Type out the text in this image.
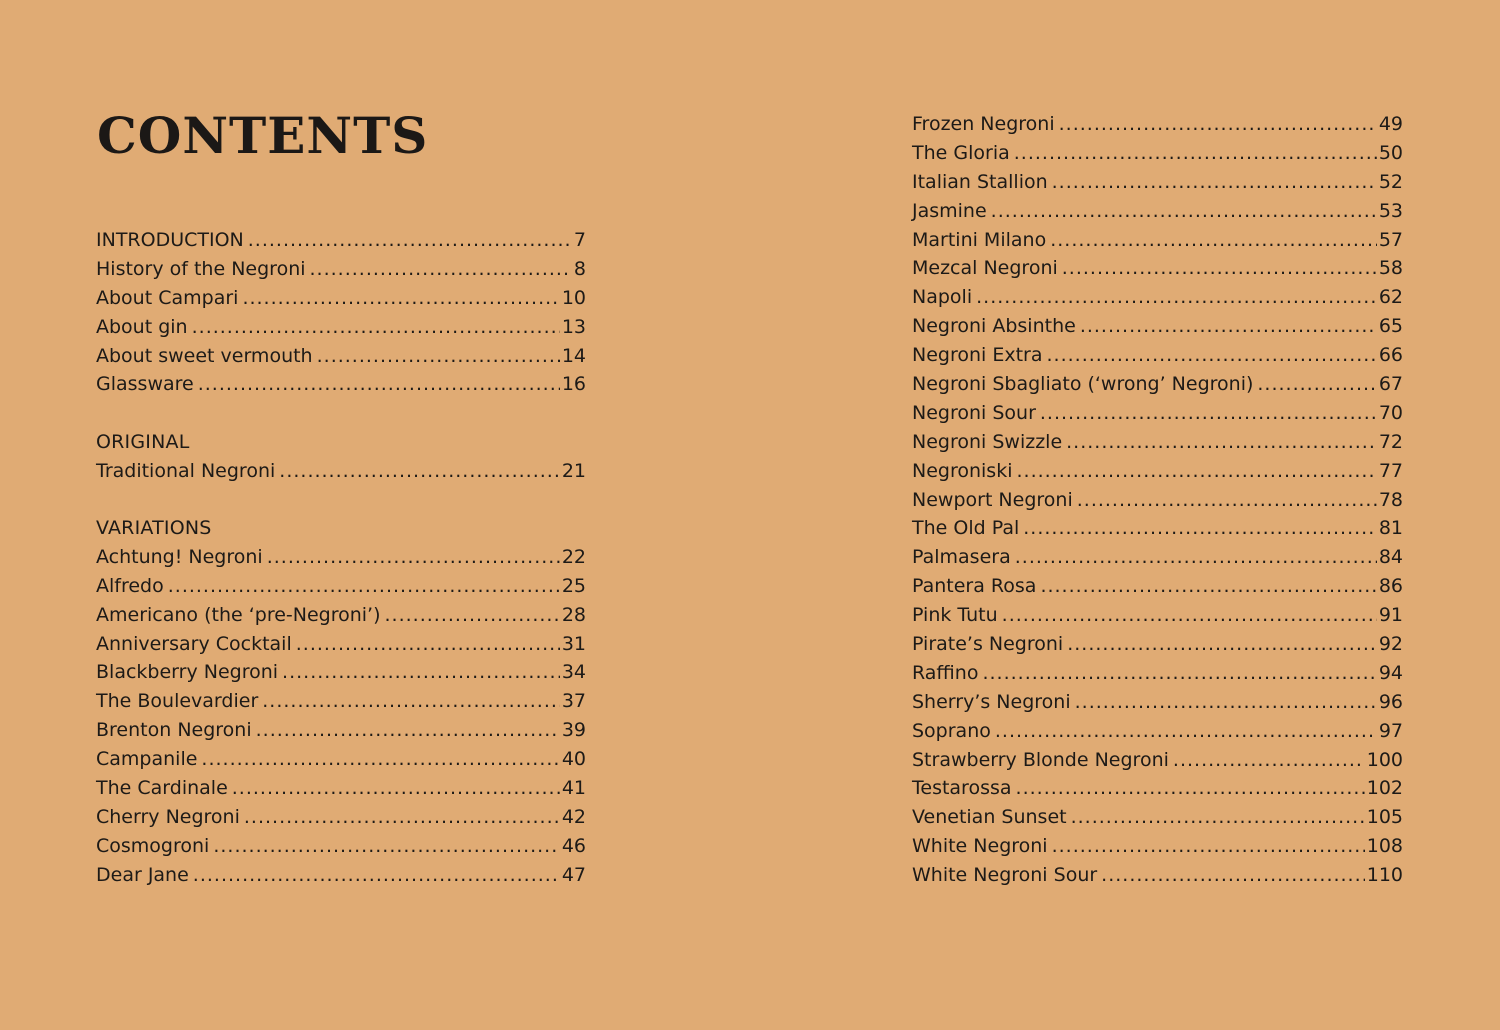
CONTENTS
INTRODUCTION .....	7
History of the Negroni .....	8
About Campari .....	10
About gin .....	13
About sweet vermouth .....	14
Glassware .....	16
ORIGINAL
Traditional Negroni .....	21
VARIATIONS
Achtung! Negroni .....	22
Alfredo .....	25
Americano (the ‘pre-Negroni’) .....	28
Anniversary Cocktail .....	31
Blackberry Negroni .....	34
The Boulevardier .....	37
Brenton Negroni .....	39
Campanile .....	40
The Cardinale .....	41
Cherry Negroni .....	42
Cosmogroni .....	46
Dear Jane .....	47
Frozen Negroni .....	49
The Gloria .....	50
Italian Stallion .....	52
Jasmine .....	53
Martini Milano .....	57
Mezcal Negroni .....	58
Napoli .....	62
Negroni Absinthe .....	65
Negroni Extra .....	66
Negroni Sbagliato (‘wrong’ Negroni) .....	67
Negroni Sour .....	70
Negroni Swizzle .....	72
Negroniski .....	77
Newport Negroni .....	78
The Old Pal .....	81
Palmasera .....	84
Pantera Rosa .....	86
Pink Tutu .....	91
Pirate’s Negroni .....	92
Raffino .....	94
Sherry’s Negroni .....	96
Soprano .....	97
Strawberry Blonde Negroni .....	100
Testarossa .....	102
Venetian Sunset .....	105
White Negroni .....	108
White Negroni Sour .....	110
